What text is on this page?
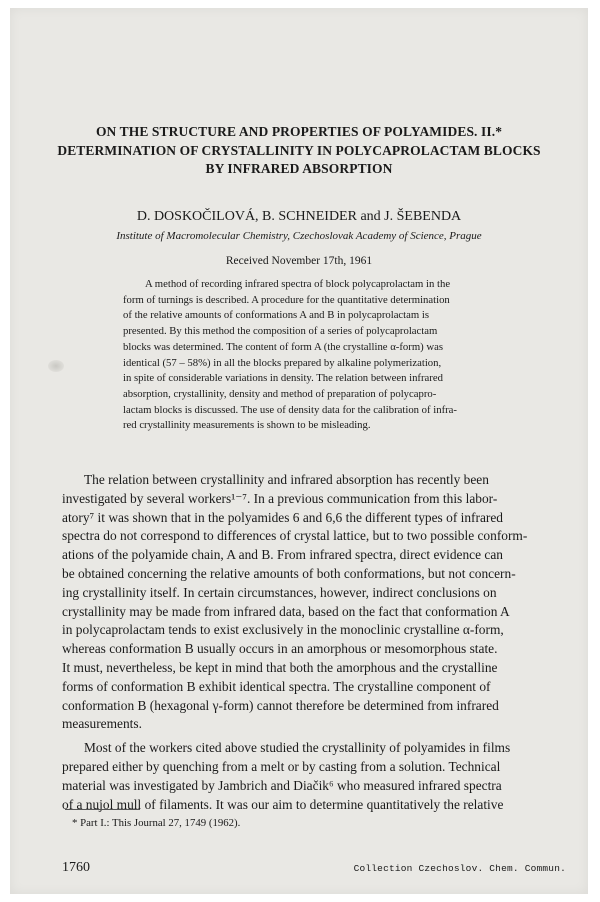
ON THE STRUCTURE AND PROPERTIES OF POLYAMIDES. II.*
DETERMINATION OF CRYSTALLINITY IN POLYCAPROLACTAM BLOCKS
BY INFRARED ABSORPTION
D. DOSKOČILOVÁ, B. SCHNEIDER and J. ŠEBENDA
Institute of Macromolecular Chemistry, Czechoslovak Academy of Science, Prague
Received November 17th, 1961
A method of recording infrared spectra of block polycaprolactam in the
form of turnings is described. A procedure for the quantitative determination
of the relative amounts of conformations A and B in polycaprolactam is
presented. By this method the composition of a series of polycaprolactam
blocks was determined. The content of form A (the crystalline α-form) was
identical (57 – 58%) in all the blocks prepared by alkaline polymerization,
in spite of considerable variations in density. The relation between infrared
absorption, crystallinity, density and method of preparation of polycapro-
lactam blocks is discussed. The use of density data for the calibration of infra-
red crystallinity measurements is shown to be misleading.
The relation between crystallinity and infrared absorption has recently been
investigated by several workers¹⁻⁷. In a previous communication from this labor-
atory⁷ it was shown that in the polyamides 6 and 6,6 the different types of infrared
spectra do not correspond to differences of crystal lattice, but to two possible conform-
ations of the polyamide chain, A and B. From infrared spectra, direct evidence can
be obtained concerning the relative amounts of both conformations, but not concern-
ing crystallinity itself. In certain circumstances, however, indirect conclusions on
crystallinity may be made from infrared data, based on the fact that conformation A
in polycaprolactam tends to exist exclusively in the monoclinic crystalline α-form,
whereas conformation B usually occurs in an amorphous or mesomorphous state.
It must, nevertheless, be kept in mind that both the amorphous and the crystalline
forms of conformation B exhibit identical spectra. The crystalline component of
conformation B (hexagonal γ-form) cannot therefore be determined from infrared
measurements.
Most of the workers cited above studied the crystallinity of polyamides in films
prepared either by quenching from a melt or by casting from a solution. Technical
material was investigated by Jambrich and Diačik⁶ who measured infrared spectra
of a nujol mull of filaments. It was our aim to determine quantitatively the relative
* Part I.: This Journal 27, 1749 (1962).
1760	Collection Czechoslov. Chem. Commun.
